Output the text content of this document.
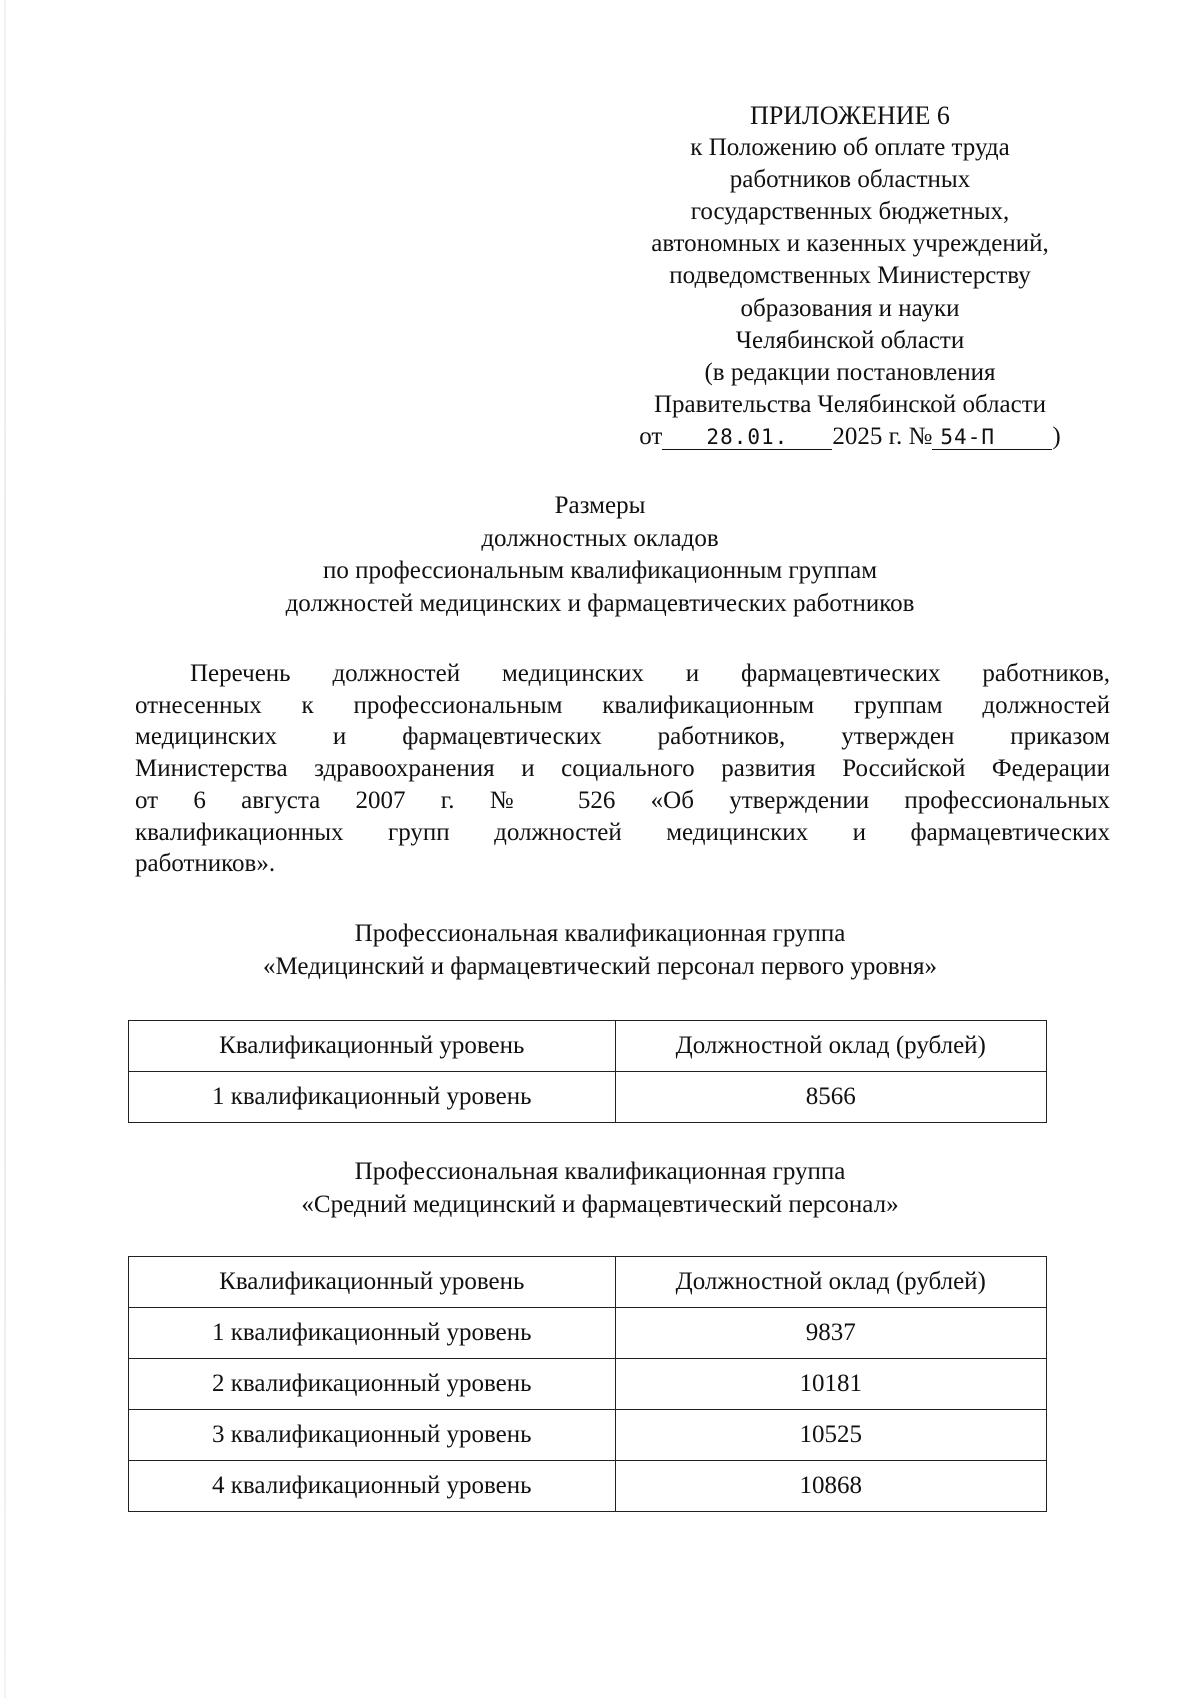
ПРИЛОЖЕНИЕ 6
к Положению об оплате труда
работников областных
государственных бюджетных,
автономных и казенных учреждений,
подведомственных Министерству
образования и науки
Челябинской области
(в редакции постановления
Правительства Челябинской области
от 28.01. 2025 г. № 54-П )
Размеры
должностных окладов
по профессиональным квалификационным группам
должностей медицинских и фармацевтических работников
Перечень должностей медицинских и фармацевтических работников,
отнесенных к профессиональным квалификационным группам должностей
медицинских и фармацевтических работников, утвержден приказом
Министерства здравоохранения и социального развития Российской Федерации
от 6 августа 2007 г. № 526 «Об утверждении профессиональных
квалификационных групп должностей медицинских и фармацевтических
работников».
Профессиональная квалификационная группа
«Медицинский и фармацевтический персонал первого уровня»
Квалификационный уровень	Должностной оклад (рублей)
1 квалификационный уровень	8566
Профессиональная квалификационная группа
«Средний медицинский и фармацевтический персонал»
Квалификационный уровень	Должностной оклад (рублей)
1 квалификационный уровень	9837
2 квалификационный уровень	10181
3 квалификационный уровень	10525
4 квалификационный уровень	10868
